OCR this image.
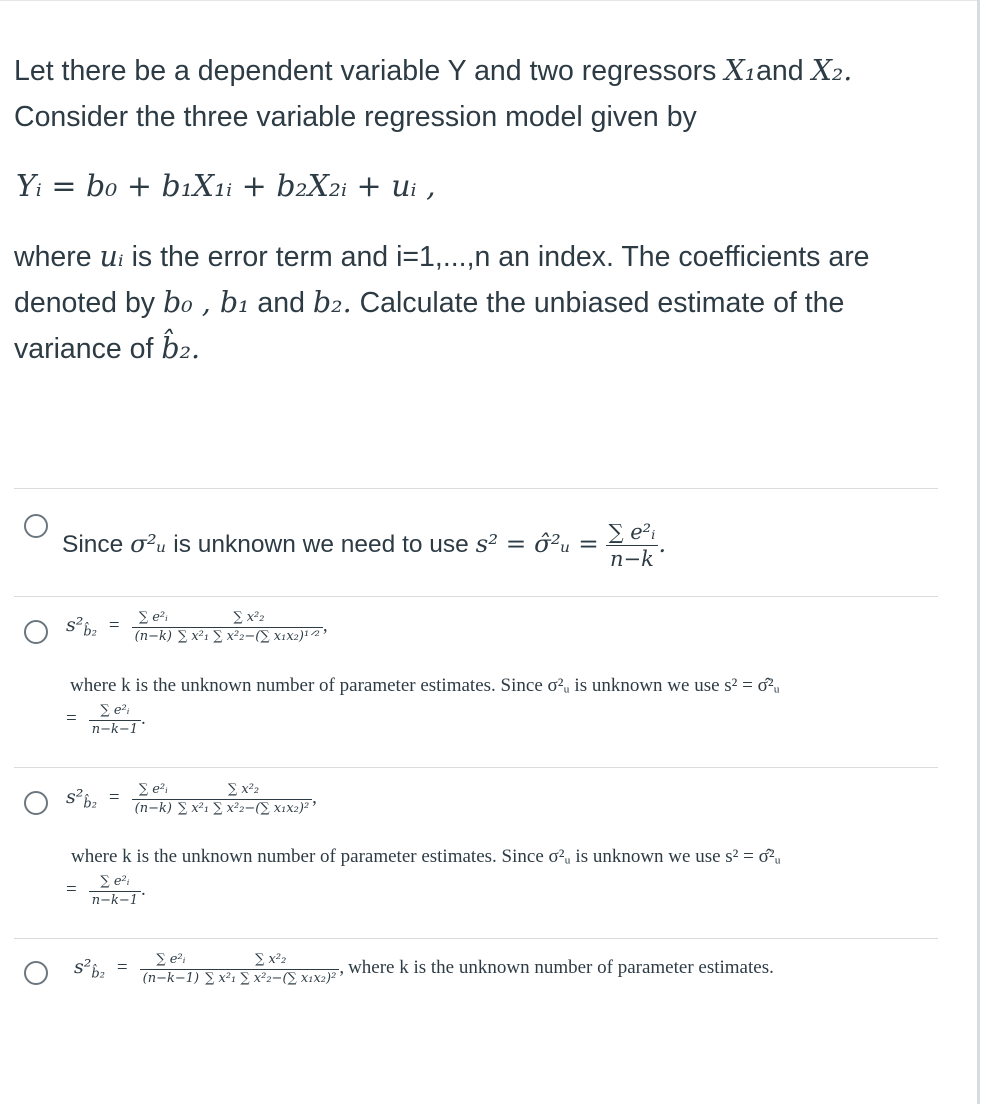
Let there be a dependent variable Y and two regressors X₁and X₂.
Consider the three variable regression model given by

Yᵢ = b₀ + b₁X₁ᵢ + b₂X₂ᵢ + uᵢ ,

where uᵢ is the error term and i=1,...,n an index. The coefficients are denoted by b₀ , b₁ and b₂. Calculate the unbiased estimate of the variance of b̂₂.

Since σ²ᵤ is unknown we need to use s² = σ̂²ᵤ = $\frac{\text{∑ e²ᵢ}}{n-k}$ .
$s^2_{b̂_2} = \frac{\text{∑ e²ᵢ}}{(n-k)} \frac{\text{∑ x²₂}}{\text{∑ x²₁ ∑ x²₂−(∑ x₁x₂)¹ᐟ²}}$ ,
where k is the unknown number of parameter estimates. Since σ²ᵤ is unknown we use s² = σ̂²ᵤ
= $\frac{\text{∑ e²ᵢ}}{n-k-1}$ .
$s^2_{b̂_2} = \frac{\text{∑ e²ᵢ}}{(n-k)} \frac{\text{∑ x²₂}}{\text{∑ x²₁ ∑ x²₂−(∑ x₁x₂)²}}$ ,
where k is the unknown number of parameter estimates. Since σ²ᵤ is unknown we use s² = σ̂²ᵤ
= $\frac{\text{∑ e²ᵢ}}{n-k-1}$ .
$s^2_{b̂_2} = \frac{\text{∑ e²ᵢ}}{(n-k-1)} \frac{\text{∑ x²₂}}{\text{∑ x²₁ ∑ x²₂−(∑ x₁x₂)²}}$ , where k is the unknown number of parameter estimates.
